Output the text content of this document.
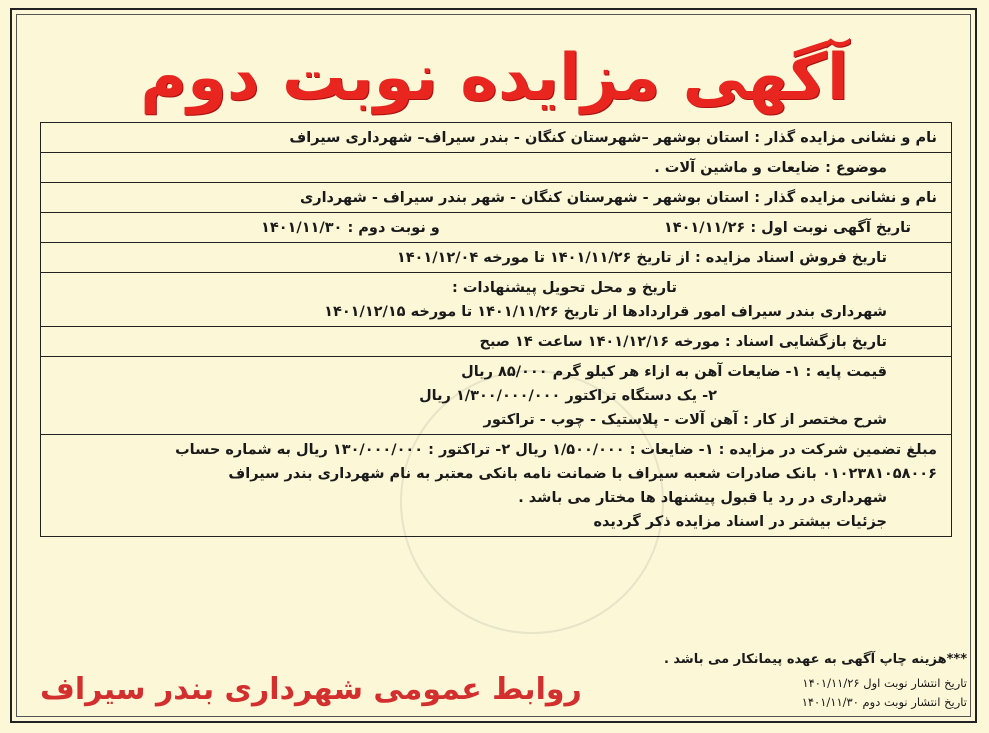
آگهی مزایده نوبت دوم
نام و نشانی مزایده گذار : استان بوشهر –شهرستان کنگان - بندر سیراف– شهرداری سیراف
موضوع : ضایعات و ماشین آلات .
نام و نشانی مزایده گذار : استان بوشهر - شهرستان کنگان - شهر بندر سیراف - شهرداری
تاریخ آگهی نوبت اول : ۱۴۰۱/۱۱/۲۶
و نوبت دوم : ۱۴۰۱/۱۱/۳۰
تاریخ فروش اسناد مزایده : از تاریخ ۱۴۰۱/۱۱/۲۶ تا مورخه ۱۴۰۱/۱۲/۰۴
تاریخ و محل تحویل پیشنهادات :
شهرداری بندر سیراف امور قراردادها از تاریخ ۱۴۰۱/۱۱/۲۶ تا مورخه ۱۴۰۱/۱۲/۱۵
تاریخ بازگشایی اسناد : مورخه ۱۴۰۱/۱۲/۱۶ ساعت ۱۴ صبح
قیمت پایه : ۱- ضایعات آهن به ازاء هر کیلو گرم ۸۵/۰۰۰ ریال
۲- یک دستگاه تراکتور ۱/۳۰۰/۰۰۰/۰۰۰ ریال
شرح مختصر از کار : آهن آلات - پلاستیک - چوب - تراکتور
مبلغ تضمین شرکت در مزایده : ۱- ضایعات : ۱/۵۰۰/۰۰۰ ریال ۲- تراکتور : ۱۳۰/۰۰۰/۰۰۰ ریال به شماره حساب
۰۱۰۲۳۸۱۰۵۸۰۰۶ بانک صادرات شعبه سیراف با ضمانت نامه بانکی معتبر به نام شهرداری بندر سیراف
شهرداری در رد یا قبول پیشنهاد ها مختار می باشد .
جزئیات بیشتر در اسناد مزایده ذکر گردیده
***هزینه چاپ آگهی به عهده پیمانکار می باشد .
تاریخ انتشار نوبت اول ۱۴۰۱/۱۱/۲۶
تاریخ انتشار نوبت دوم ۱۴۰۱/۱۱/۳۰
روابط عمومی شهرداری بندر سیراف
